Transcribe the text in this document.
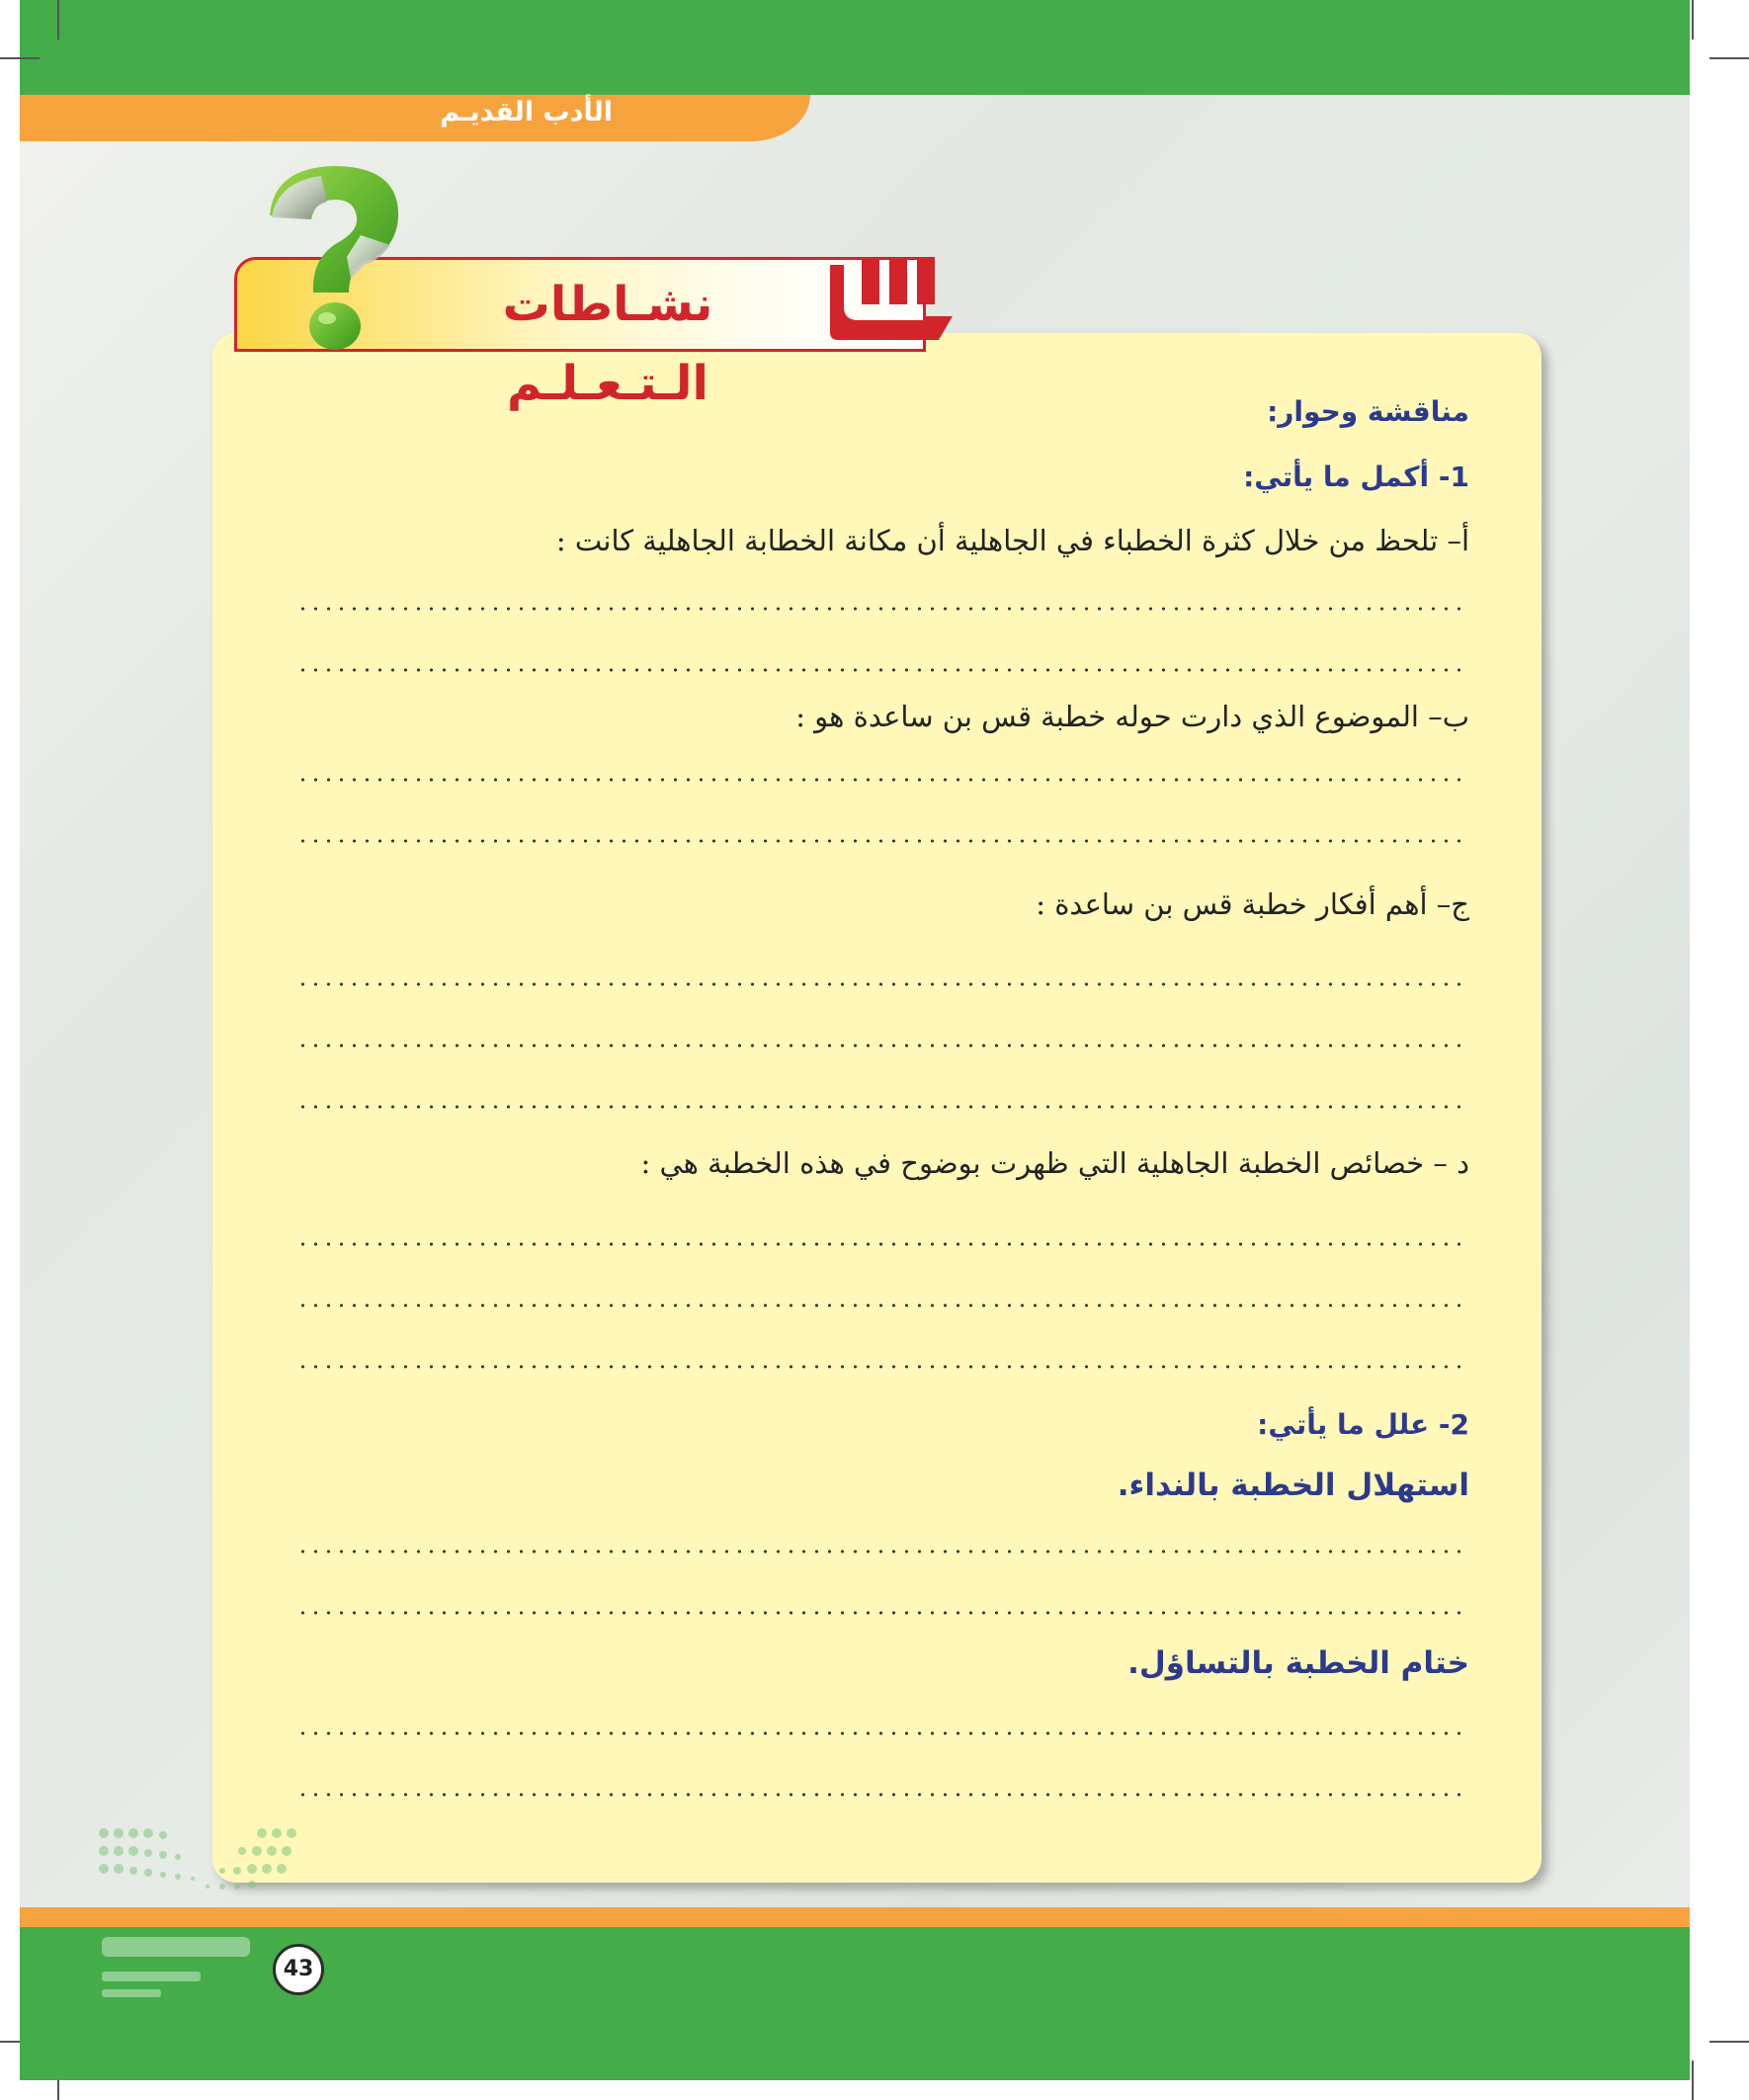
الأدب القديـم
نشـاطات الـتـعـلـم
مناقشة وحوار:
1- أكمل ما يأتي:
أ– تلحظ من خلال كثرة الخطباء في الجاهلية أن مكانة الخطابة الجاهلية كانت :
ب– الموضوع الذي دارت حوله خطبة قس بن ساعدة هو :
ج– أهم أفكار خطبة قس بن ساعدة :
د – خصائص الخطبة الجاهلية التي ظهرت بوضوح في هذه الخطبة هي :
2- علل ما يأتي:
استهلال الخطبة بالنداء.
ختام الخطبة بالتساؤل.
43
